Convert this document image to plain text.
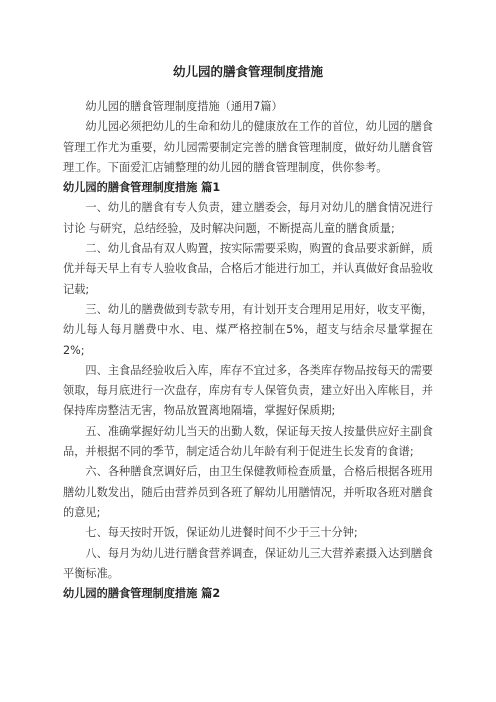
幼儿园的膳食管理制度措施

幼儿园的膳食管理制度措施（通用7篇）

幼儿园必须把幼儿的生命和幼儿的健康放在工作的首位，幼儿园的膳食管理工作尤为重要，幼儿园需要制定完善的膳食管理制度，做好幼儿膳食管理工作。下面爱汇店铺整理的幼儿园的膳食管理制度，供你参考。

幼儿园的膳食管理制度措施 篇1

一、幼儿的膳食有专人负责，建立膳委会，每月对幼儿的膳食情况进行讨论 与研究，总结经验，及时解决问题，不断提高儿童的膳食质量;

二、幼儿食品有双人购置，按实际需要采购，购置的食品要求新鲜，质优并每天早上有专人验收食品，合格后才能进行加工，并认真做好食品验收记载;

三、幼儿的膳费做到专款专用，有计划开支合理用足用好，收支平衡，幼儿每人每月膳费中水、电、煤严格控制在5%，超支与结余尽量掌握在2%;

四、主食品经验收后入库，库存不宜过多，各类库存物品按每天的需要领取，每月底进行一次盘存，库房有专人保管负责，建立好出入库帐目，并保持库房整洁无害，物品放置离地隔墙，掌握好保质期;

五、准确掌握好幼儿当天的出勤人数，保证每天按人按量供应好主副食品，并根据不同的季节，制定适合幼儿年龄有利于促进生长发育的食谱;

六、各种膳食烹调好后，由卫生保健教师检查质量，合格后根据各班用膳幼儿数发出，随后由营养员到各班了解幼儿用膳情况，并听取各班对膳食的意见;

七、每天按时开饭，保证幼儿进餐时间不少于三十分钟;

八、每月为幼儿进行膳食营养调查，保证幼儿三大营养素摄入达到膳食平衡标准。

幼儿园的膳食管理制度措施 篇2
